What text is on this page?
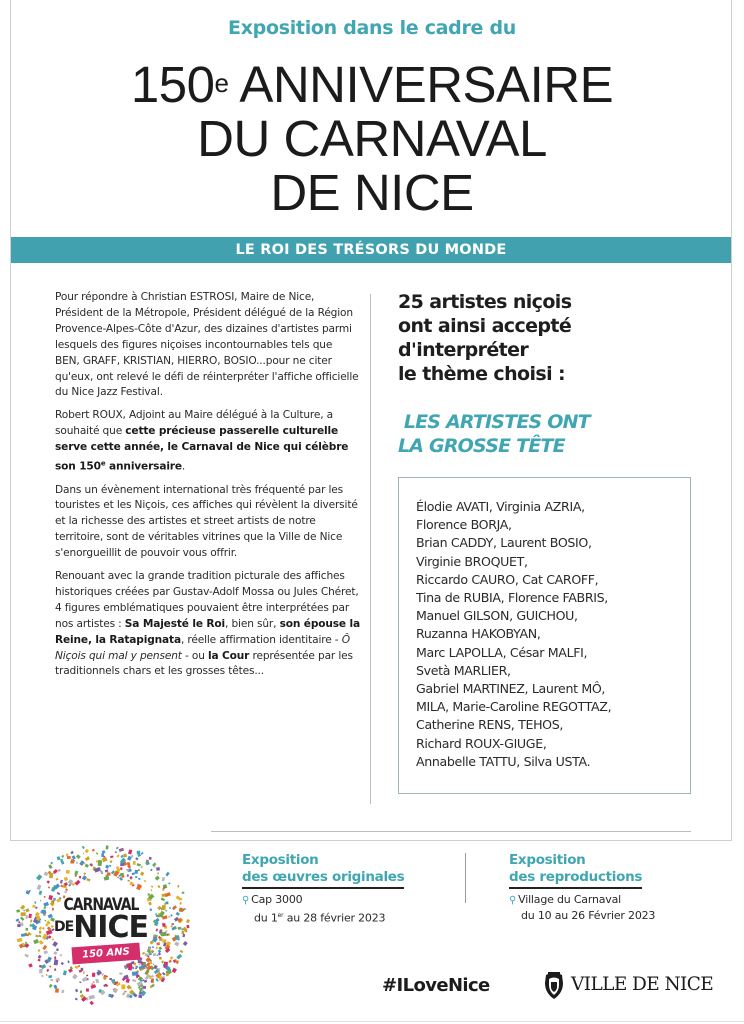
Exposition dans le cadre du
150e ANNIVERSAIRE
DU CARNAVAL
DE NICE
LE ROI DES TRÉSORS DU MONDE

Pour répondre à Christian ESTROSI, Maire de Nice, Président de la Métropole, Président délégué de la Région Provence-Alpes-Côte d'Azur, des dizaines d'artistes parmi lesquels des figures niçoises incontournables tels que BEN, GRAFF, KRISTIAN, HIERRO, BOSIO...pour ne citer qu'eux, ont relevé le défi de réinterpréter l'affiche officielle du Nice Jazz Festival.

Robert ROUX, Adjoint au Maire délégué à la Culture, a souhaité que cette précieuse passerelle culturelle serve cette année, le Carnaval de Nice qui célèbre son 150e anniversaire.

Dans un évènement international très fréquenté par les touristes et les Niçois, ces affiches qui révèlent la diversité et la richesse des artistes et street artists de notre territoire, sont de véritables vitrines que la Ville de Nice s'enorgueillit de pouvoir vous offrir.

Renouant avec la grande tradition picturale des affiches historiques créées par Gustav-Adolf Mossa ou Jules Chéret, 4 figures emblématiques pouvaient être interprétées par nos artistes : Sa Majesté le Roi, bien sûr, son épouse la Reine, la Ratapignata, réelle affirmation identitaire - Ô Niçois qui mal y pensent - ou la Cour représentée par les traditionnels chars et les grosses têtes...

25 artistes niçois
ont ainsi accepté
d'interpréter
le thème choisi :
LES ARTISTES ONT
LA GROSSE TÊTE
Élodie AVATI, Virginia AZRIA,
Florence BORJA,
Brian CADDY, Laurent BOSIO,
Virginie BROQUET,
Riccardo CAURO, Cat CAROFF,
Tina de RUBIA, Florence FABRIS,
Manuel GILSON, GUICHOU,
Ruzanna HAKOBYAN,
Marc LAPOLLA, César MALFI,
Svetà MARLIER,
Gabriel MARTINEZ, Laurent MÔ,
MILA, Marie-Caroline REGOTTAZ,
Catherine RENS, TEHOS,
Richard ROUX-GIUGE,
Annabelle TATTU, Silva USTA.
CARNAVAL
DENICE
150 ANS
Exposition
des œuvres originales
⚲ Cap 3000
du 1er au 28 février 2023
Exposition
des reproductions
⚲ Village du Carnaval
du 10 au 26 Février 2023
#ILoveNice	VILLE DE NICE
